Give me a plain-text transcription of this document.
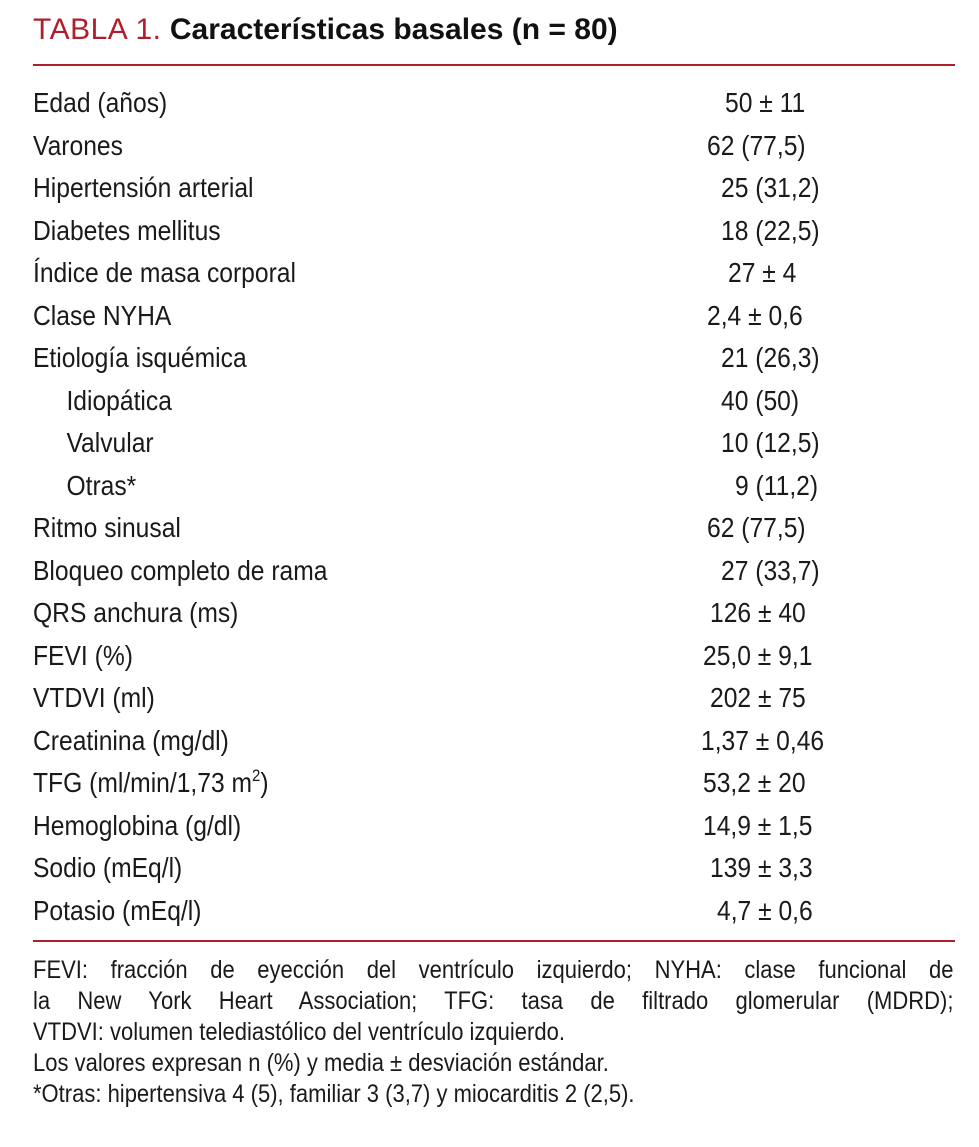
TABLA 1. Características basales (n = 80)
Edad (años)
Varones
Hipertensión arterial
Diabetes mellitus
Índice de masa corporal
Clase NYHA
Etiología isquémica
Idiopática
Valvular
Otras*
Ritmo sinusal
Bloqueo completo de rama
QRS anchura (ms)
FEVI (%)
VTDVI (ml)
Creatinina (mg/dl)
TFG (ml/min/1,73 $m^2$)
Hemoglobina (g/dl)
Sodio (mEq/l)
Potasio (mEq/l)
50 ± 11
62 (77,5)
25 (31,2)
18 (22,5)
27 ± 4
2,4 ± 0,6
21 (26,3)
40 (50)
10 (12,5)
9 (11,2)
62 (77,5)
27 (33,7)
126 ± 40
25,0 ± 9,1
202 ± 75
1,37 ± 0,46
53,2 ± 20
14,9 ± 1,5
139 ± 3,3
4,7 ± 0,6
FEVI: fracción de eyección del ventrículo izquierdo; NYHA: clase funcional de
la New York Heart Association; TFG: tasa de filtrado glomerular (MDRD);
VTDVI: volumen telediastólico del ventrículo izquierdo.
Los valores expresan n (%) y media ± desviación estándar.
*Otras: hipertensiva 4 (5), familiar 3 (3,7) y miocarditis 2 (2,5).
